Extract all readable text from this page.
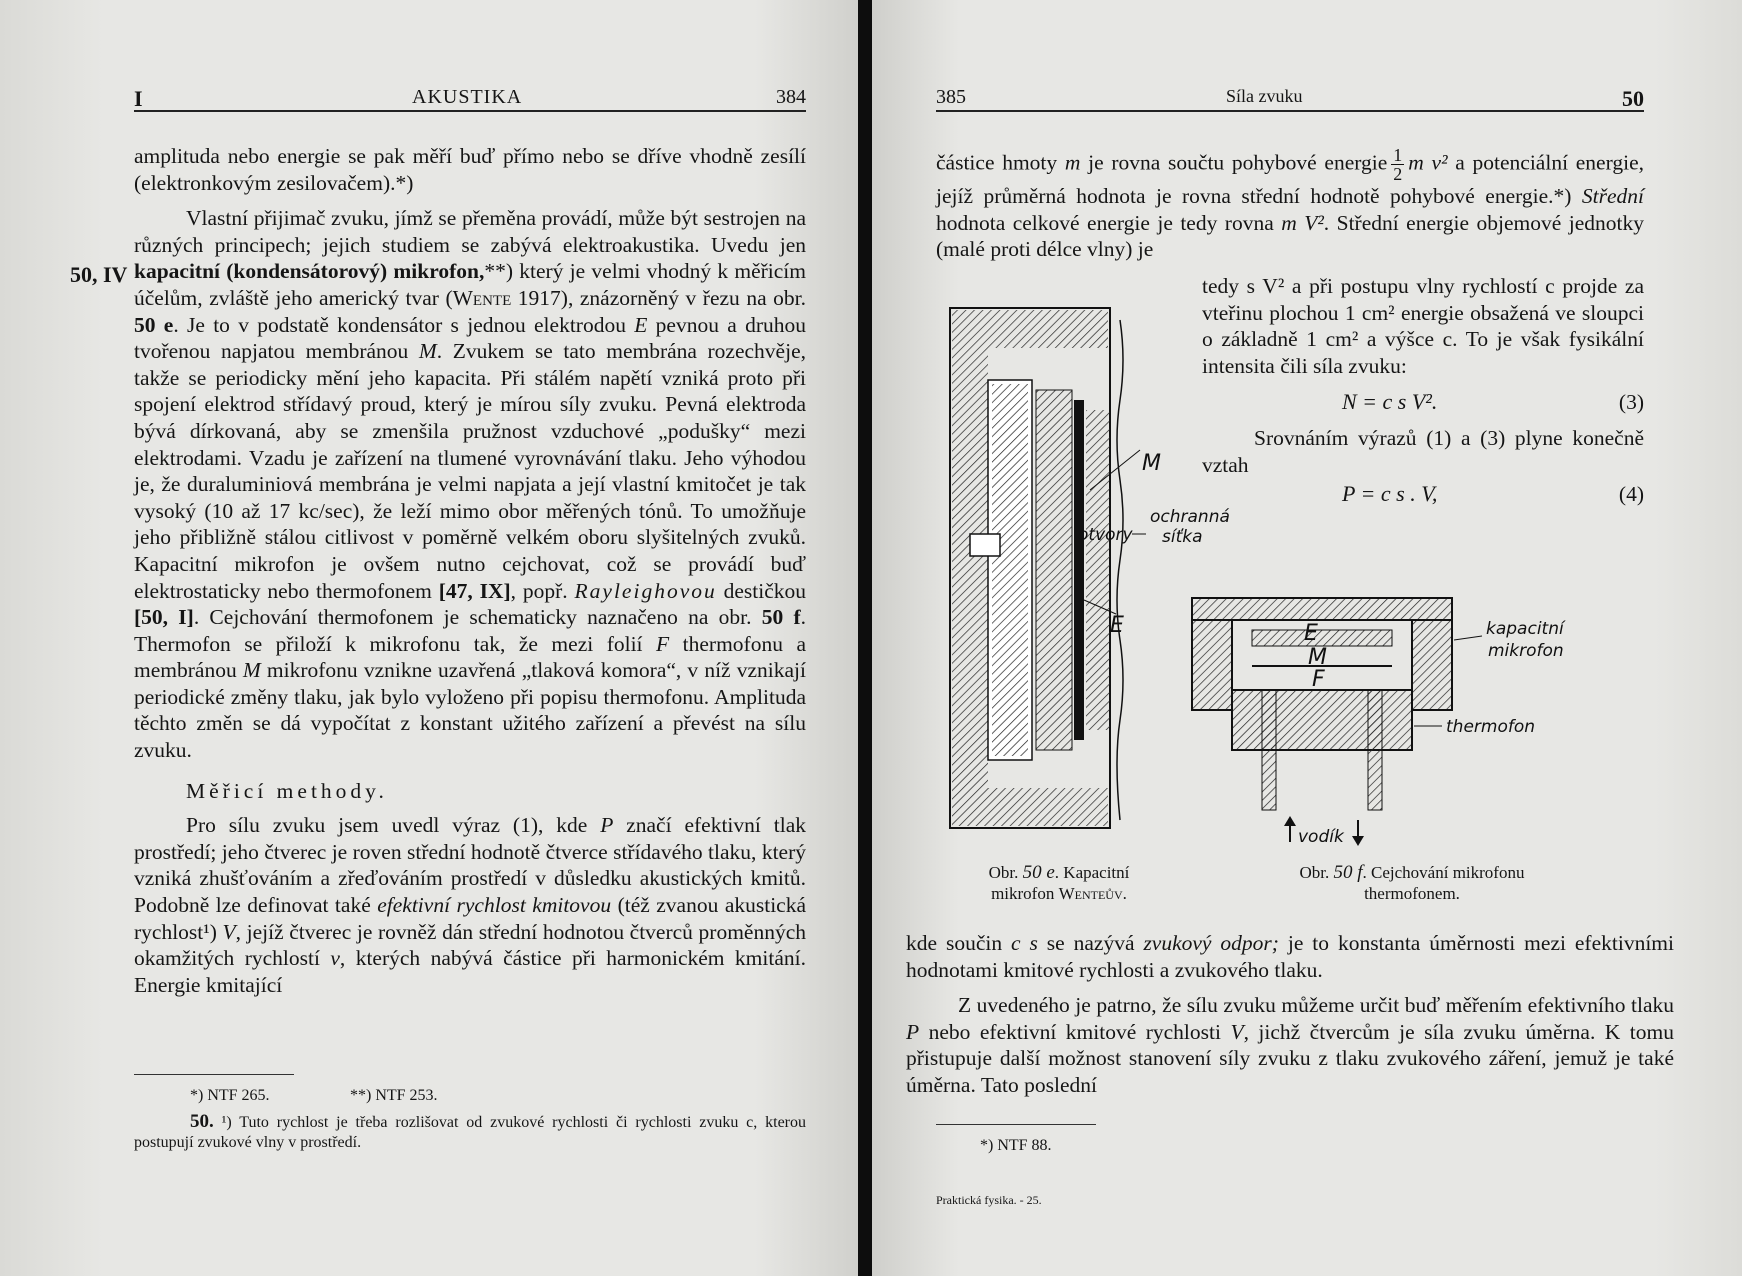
I	AKUSTIKA	384
50, IV

amplituda nebo energie se pak měří buď přímo nebo se dříve vhodně zesílí (elektronkovým zesilovačem).*)

Vlastní přijimač zvuku, jímž se přeměna provádí, může být sestrojen na různých principech; jejich studiem se zabývá elektroakustika. Uvedu jen kapacitní (kondensátorový) mikrofon,**) který je velmi vhodný k měřicím účelům, zvláště jeho americký tvar (Wente 1917), znázorněný v řezu na obr. 50 e. Je to v podstatě kondensátor s jednou elektrodou E pevnou a druhou tvořenou napjatou membránou M. Zvukem se tato membrána rozechvěje, takže se periodicky mění jeho kapacita. Při stálém napětí vzniká proto při spojení elektrod střídavý proud, který je mírou síly zvuku. Pevná elektroda bývá dírkovaná, aby se zmenšila pružnost vzduchové „podušky“ mezi elektrodami. Vzadu je zařízení na tlumené vyrovnávání tlaku. Jeho výhodou je, že duraluminiová membrána je velmi napjata a její vlastní kmitočet je tak vysoký (10 až 17 kc/sec), že leží mimo obor měřených tónů. To umožňuje jeho přibližně stálou citlivost v poměrně velkém oboru slyšitelných zvuků. Kapacitní mikrofon je ovšem nutno cejchovat, což se provádí buď elektrostaticky nebo thermofonem [47, IX], popř. Rayleighovou destičkou [50, I]. Cejchování thermofonem je schematicky naznačeno na obr. 50 f. Thermofon se přiloží k mikrofonu tak, že mezi folií F thermofonu a membránou M mikrofonu vznikne uzavřená „tlaková komora“, v níž vznikají periodické změny tlaku, jak bylo vyloženo při popisu thermofonu. Amplituda těchto změn se dá vypočítat z konstant užitého zařízení a převést na sílu zvuku.

Měřicí methody.

Pro sílu zvuku jsem uvedl výraz (1), kde P značí efektivní tlak prostředí; jeho čtverec je roven střední hodnotě čtverce střídavého tlaku, který vzniká zhušťováním a zřeďováním prostředí v důsledku akustických kmitů. Podobně lze definovat také efektivní rychlost kmitovou (též zvanou akustická rychlost¹) V, jejíž čtverec je rovněž dán střední hodnotou čtverců proměnných okamžitých rychlostí v, kterých nabývá částice při harmonickém kmitání. Energie kmitající

*) NTF 265.	**) NTF 253.
50. ¹) Tuto rychlost je třeba rozlišovat od zvukové rychlosti či rychlosti zvuku c, kterou postupují zvukové vlny v prostředí.
385	Síla zvuku	50

částice hmoty m je rovna součtu pohybové energie $\frac{1}{2}$ m v² a potenciální energie, jejíž průměrná hodnota je rovna střední hodnotě pohybové energie.*) Střední hodnota celkové energie je tedy rovna m V². Střední energie objemové jednotky (malé proti délce vlny) je

tedy s V² a při postupu vlny rychlostí c projde za vteřinu plochou 1 cm² energie obsažená ve sloupci o základně 1 cm² a výšce c. To je však fysikální intensita čili síla zvuku:

N = c s V².	(3)

Srovnáním výrazů (1) a (3) plyne konečně vztah

P = c s . V,	(4)

M
otvory
ochranná
síťka
E	E
M
F
kapacitní
mikrofon
thermofon
vodík
Obr. 50 e. Kapacitní
mikrofon Wenteův.
Obr. 50 f. Cejchování mikrofonu
thermofonem.

kde součin c s se nazývá zvukový odpor; je to konstanta úměrnosti mezi efektivními hodnotami kmitové rychlosti a zvukového tlaku.

Z uvedeného je patrno, že sílu zvuku můžeme určit buď měřením efektivního tlaku P nebo efektivní kmitové rychlosti V, jichž čtvercům je síla zvuku úměrna. K tomu přistupuje další možnost stanovení síly zvuku z tlaku zvukového záření, jemuž je také úměrna. Tato poslední

*) NTF 88.
Praktická fysika. - 25.
